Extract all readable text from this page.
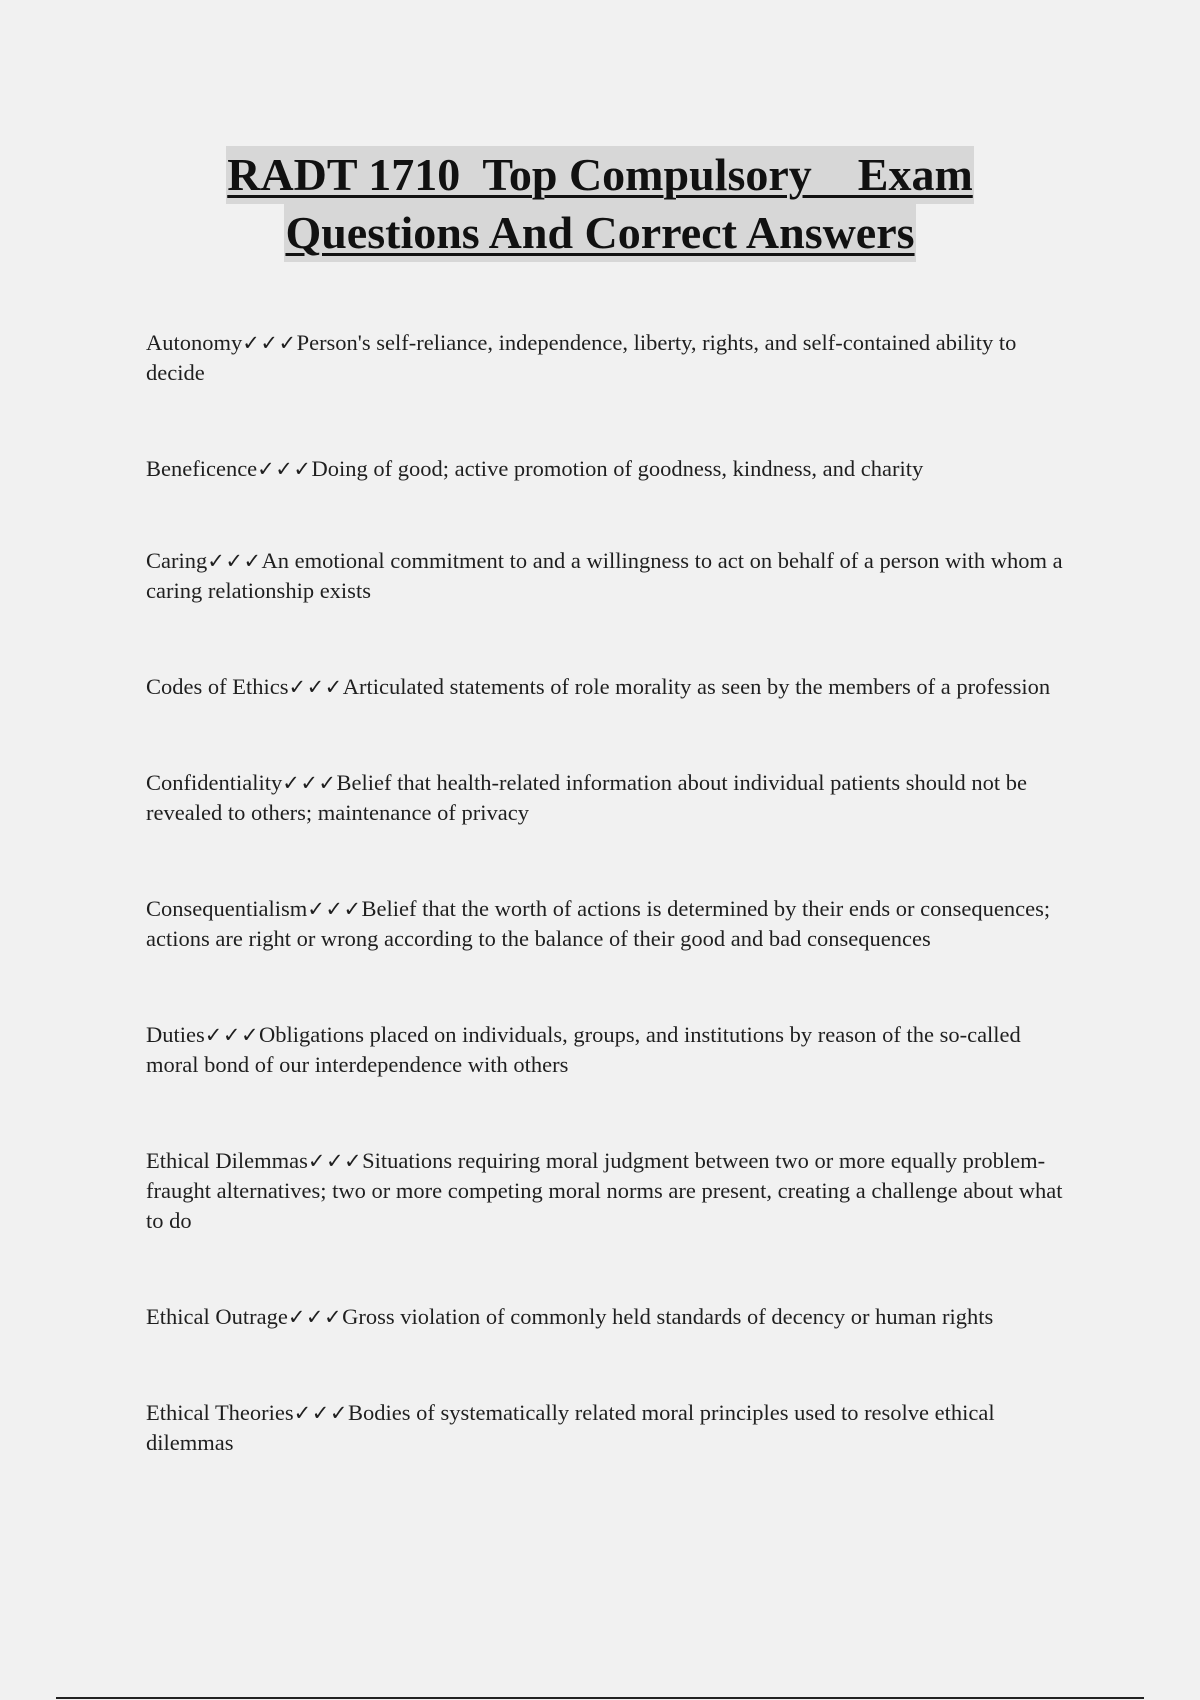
RADT 1710  Top Compulsory    Exam
Questions And Correct Answers

Autonomy✓✓✓Person's self-reliance, independence, liberty, rights, and self-contained ability to decide

Beneficence✓✓✓Doing of good; active promotion of goodness, kindness, and charity

Caring✓✓✓An emotional commitment to and a willingness to act on behalf of a person with whom a caring relationship exists

Codes of Ethics✓✓✓Articulated statements of role morality as seen by the members of a profession

Confidentiality✓✓✓Belief that health-related information about individual patients should not be revealed to others; maintenance of privacy

Consequentialism✓✓✓Belief that the worth of actions is determined by their ends or consequences; actions are right or wrong according to the balance of their good and bad consequences

Duties✓✓✓Obligations placed on individuals, groups, and institutions by reason of the so-called moral bond of our interdependence with others

Ethical Dilemmas✓✓✓Situations requiring moral judgment between two or more equally problem-fraught alternatives; two or more competing moral norms are present, creating a challenge about what to do

Ethical Outrage✓✓✓Gross violation of commonly held standards of decency or human rights

Ethical Theories✓✓✓Bodies of systematically related moral principles used to resolve ethical dilemmas
